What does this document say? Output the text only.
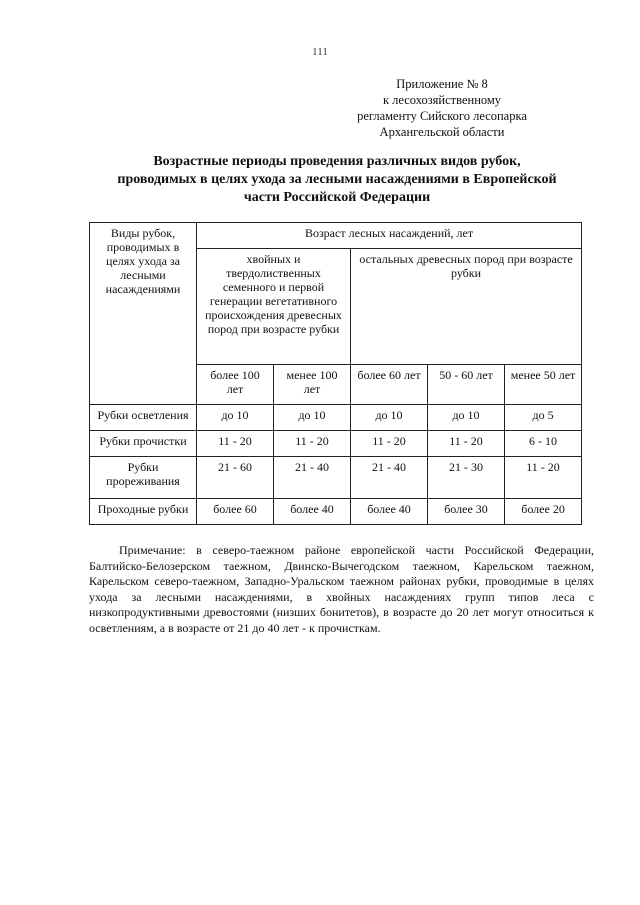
111
Приложение № 8
к лесохозяйственному
регламенту Сийского лесопарка
Архангельской области
Возрастные периоды проведения различных видов рубок,
проводимых в целях ухода за лесными насаждениями в Европейской
части Российской Федерации
Виды рубок, проводимых в целях ухода за лесными насаждениями	Возраст лесных насаждений, лет				
	хвойных и твердолиственных семенного и первой генерации вегетативного происхождения древесных пород при возрасте рубки		остальных древесных пород при возрасте рубки		
	более 100 лет	менее 100 лет	более 60 лет	50 - 60 лет	менее 50 лет
Рубки осветления	до 10	до 10	до 10	до 10	до 5
Рубки прочистки	11 - 20	11 - 20	11 - 20	11 - 20	6 - 10
Рубки прореживания	21 - 60	21 - 40	21 - 40	21 - 30	11 - 20
Проходные рубки	более 60	более 40	более 40	более 30	более 20

Примечание: в северо-таежном районе европейской части Российской Федерации, Балтийско-Белозерском таежном, Двинско-Вычегодском таежном, Карельском таежном, Карельском северо-таежном, Западно-Уральском таежном районах рубки, проводимые в целях ухода за лесными насаждениями, в хвойных насаждениях групп типов леса с низкопродуктивными древостоями (низших бонитетов), в возрасте до 20 лет могут относиться к осветлениям, а в возрасте от 21 до 40 лет - к прочисткам.
